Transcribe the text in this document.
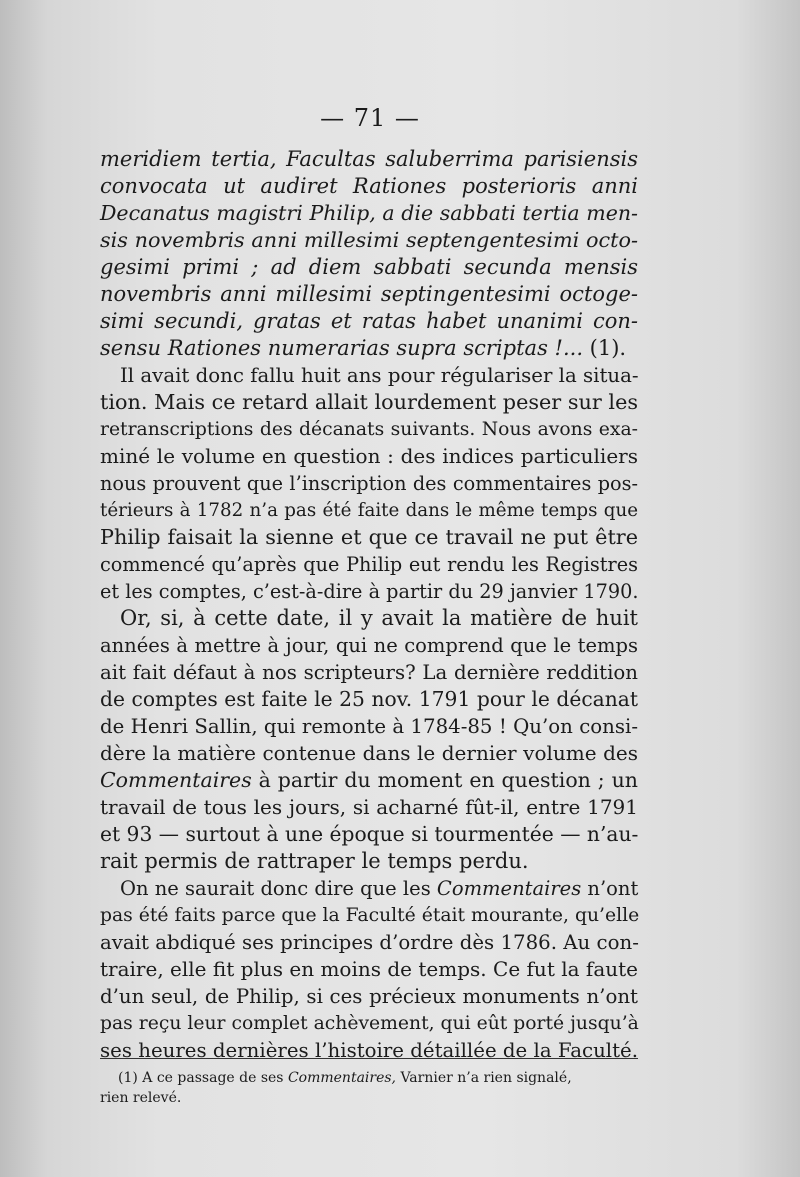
— 71 —
meridiem tertia, Facultas saluberrima parisiensis
convocata ut audiret Rationes posterioris anni
Decanatus magistri Philip, a die sabbati tertia men-
sis novembris anni millesimi septengentesimi octo-
gesimi primi ; ad diem sabbati secunda mensis
novembris anni millesimi septingentesimi octoge-
simi secundi, gratas et ratas habet unanimi con-
sensu Rationes numerarias supra scriptas !... (1).
Il avait donc fallu huit ans pour régulariser la situa-
tion. Mais ce retard allait lourdement peser sur les
retranscriptions des décanats suivants. Nous avons exa-
miné le volume en question : des indices particuliers
nous prouvent que l’inscription des commentaires pos-
térieurs à 1782 n’a pas été faite dans le même temps que
Philip faisait la sienne et que ce travail ne put être
commencé qu’après que Philip eut rendu les Registres
et les comptes, c’est-à-dire à partir du 29 janvier 1790.
Or, si, à cette date, il y avait la matière de huit
années à mettre à jour, qui ne comprend que le temps
ait fait défaut à nos scripteurs? La dernière reddition
de comptes est faite le 25 nov. 1791 pour le décanat
de Henri Sallin, qui remonte à 1784-85 ! Qu’on consi-
dère la matière contenue dans le dernier volume des
Commentaires à partir du moment en question ; un
travail de tous les jours, si acharné fût-il, entre 1791
et 93 — surtout à une époque si tourmentée — n’au-
rait permis de rattraper le temps perdu.
On ne saurait donc dire que les Commentaires n’ont
pas été faits parce que la Faculté était mourante, qu’elle
avait abdiqué ses principes d’ordre dès 1786. Au con-
traire, elle fit plus en moins de temps. Ce fut la faute
d’un seul, de Philip, si ces précieux monuments n’ont
pas reçu leur complet achèvement, qui eût porté jusqu’à
ses heures dernières l’histoire détaillée de la Faculté.
(1) A ce passage de ses Commentaires, Varnier n’a rien signalé,
rien relevé.
